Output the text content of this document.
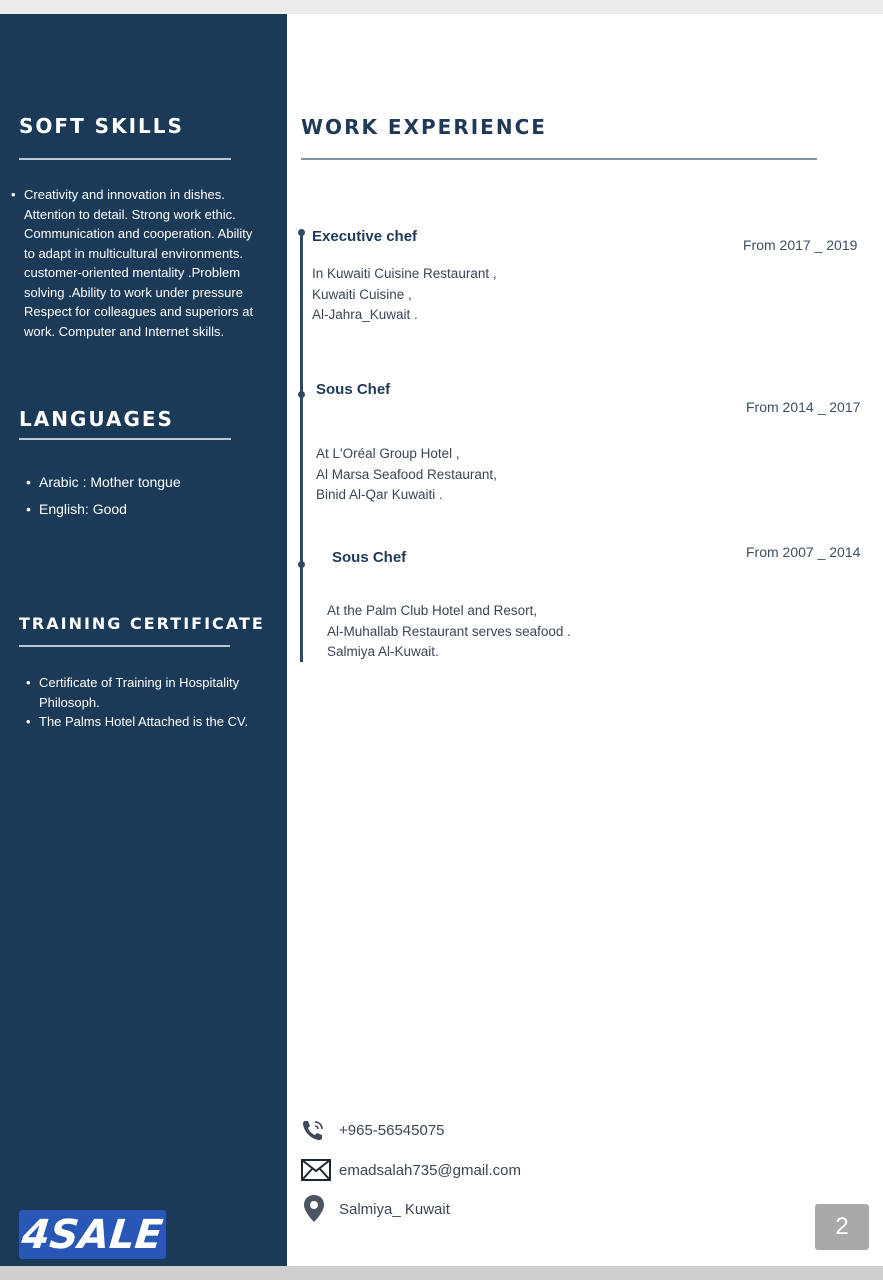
SOFT SKILLS
• Creativity and innovation in dishes.
Attention to detail. Strong work ethic.
Communication and cooperation. Ability
to adapt in multicultural environments.
customer-oriented mentality .Problem
solving .Ability to work under pressure
Respect for colleagues and superiors at
work. Computer and Internet skills.
LANGUAGES
• Arabic : Mother tongue
• English: Good
TRAINING CERTIFICATE
• Certificate of Training in Hospitality Philosoph.
• The Palms Hotel Attached is the CV.
4SALE
WORK EXPERIENCE
Executive chef	From 2017 _ 2019
In Kuwaiti Cuisine Restaurant ,
Kuwaiti Cuisine ,
Al-Jahra_Kuwait .
Sous Chef
From 2014 _ 2017
At L'Oréal Group Hotel ,
Al Marsa Seafood Restaurant,
Binid Al-Qar Kuwaiti .
Sous Chef	From 2007 _ 2014
At the Palm Club Hotel and Resort,
Al-Muhallab Restaurant serves seafood .
Salmiya Al-Kuwait.
+965-56545075
emadsalah735@gmail.com
Salmiya_ Kuwait
2
